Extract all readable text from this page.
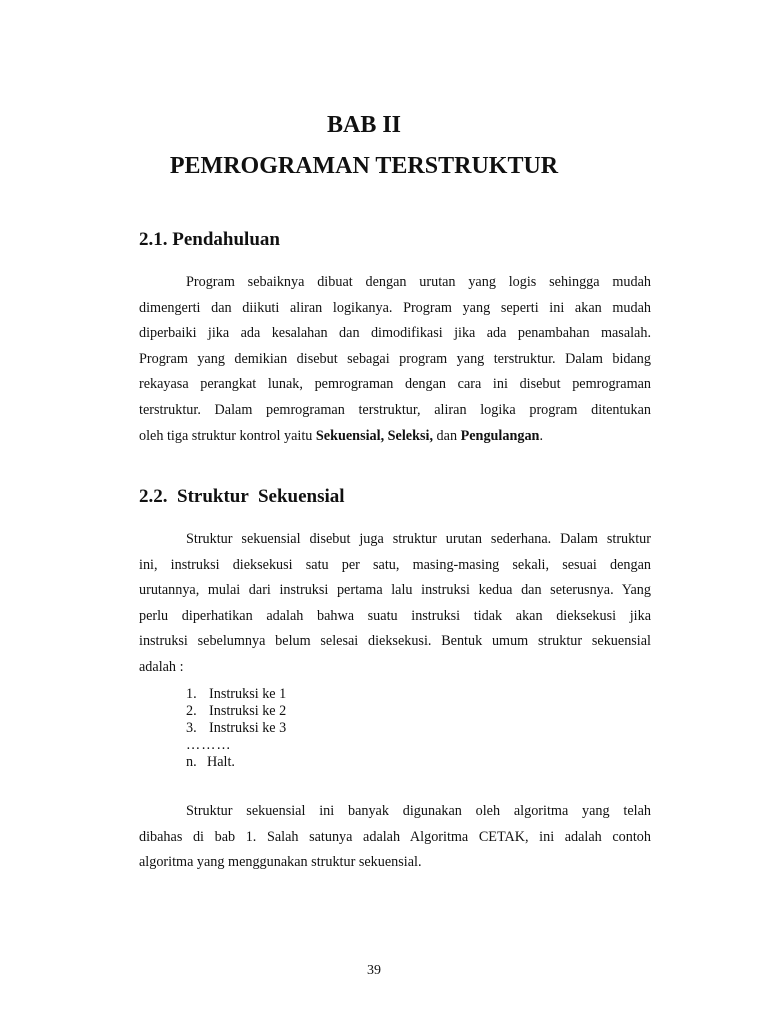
BAB II
PEMROGRAMAN TERSTRUKTUR
2.1. Pendahuluan

Program sebaiknya dibuat dengan urutan yang logis sehingga mudah
dimengerti dan diikuti aliran logikanya. Program yang seperti ini akan mudah
diperbaiki jika ada kesalahan dan dimodifikasi jika ada penambahan masalah.
Program yang demikian disebut sebagai program yang terstruktur. Dalam bidang
rekayasa perangkat lunak, pemrograman dengan cara ini disebut pemrograman
terstruktur. Dalam pemrograman terstruktur, aliran logika program ditentukan
oleh tiga struktur kontrol yaitu Sekuensial, Seleksi, dan Pengulangan.

2.2.  Struktur  Sekuensial

Struktur sekuensial disebut juga struktur urutan sederhana. Dalam struktur
ini, instruksi dieksekusi satu per satu, masing-masing sekali, sesuai dengan
urutannya, mulai dari instruksi pertama lalu instruksi kedua dan seterusnya. Yang
perlu diperhatikan adalah bahwa suatu instruksi tidak akan dieksekusi jika
instruksi sebelumnya belum selesai dieksekusi. Bentuk umum struktur sekuensial
adalah :

1. Instruksi ke 1
2. Instruksi ke 2
3. Instruksi ke 3
………
n. Halt.

Struktur sekuensial ini banyak digunakan oleh algoritma yang telah
dibahas di bab 1. Salah satunya adalah Algoritma CETAK, ini adalah contoh
algoritma yang menggunakan struktur sekuensial.

39
